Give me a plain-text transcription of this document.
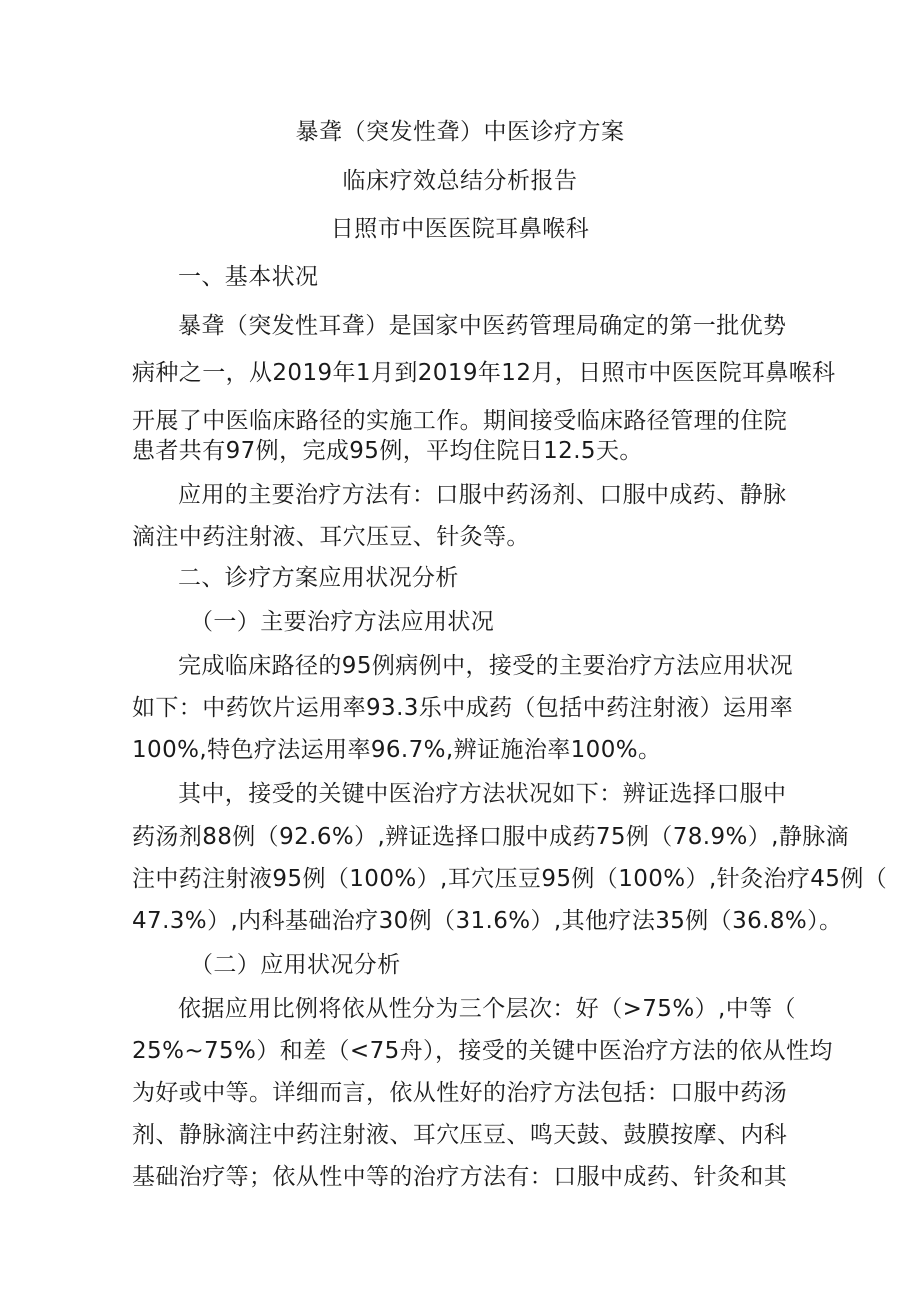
暴聋（突发性聋）中医诊疗方案
临床疗效总结分析报告
日照市中医医院耳鼻喉科
一、基本状况
暴聋（突发性耳聋）是国家中医药管理局确定的第一批优势
病种之一，从2019年1月到2019年12月，日照市中医医院耳鼻喉科
开展了中医临床路径的实施工作。期间接受临床路径管理的住院
患者共有97例，完成95例，平均住院日12.5天。
应用的主要治疗方法有：口服中药汤剂、口服中成药、静脉
滴注中药注射液、耳穴压豆、针灸等。
二、诊疗方案应用状况分析
（一）主要治疗方法应用状况
完成临床路径的95例病例中，接受的主要治疗方法应用状况
如下：中药饮片运用率93.3乐中成药（包括中药注射液）运用率
100%,特色疗法运用率96.7%,辨证施治率100%。
其中，接受的关键中医治疗方法状况如下：辨证选择口服中
药汤剂88例（92.6%）,辨证选择口服中成药75例（78.9%）,静脉滴
注中药注射液95例（100%）,耳穴压豆95例（100%）,针灸治疗45例（
47.3%）,内科基础治疗30例（31.6%）,其他疗法35例（36.8%）。
（二）应用状况分析
依据应用比例将依从性分为三个层次：好（>75%）,中等（
25%~75%）和差（<75舟），接受的关键中医治疗方法的依从性均
为好或中等。详细而言，依从性好的治疗方法包括：口服中药汤
剂、静脉滴注中药注射液、耳穴压豆、鸣天鼓、鼓膜按摩、内科
基础治疗等；依从性中等的治疗方法有：口服中成药、针灸和其
